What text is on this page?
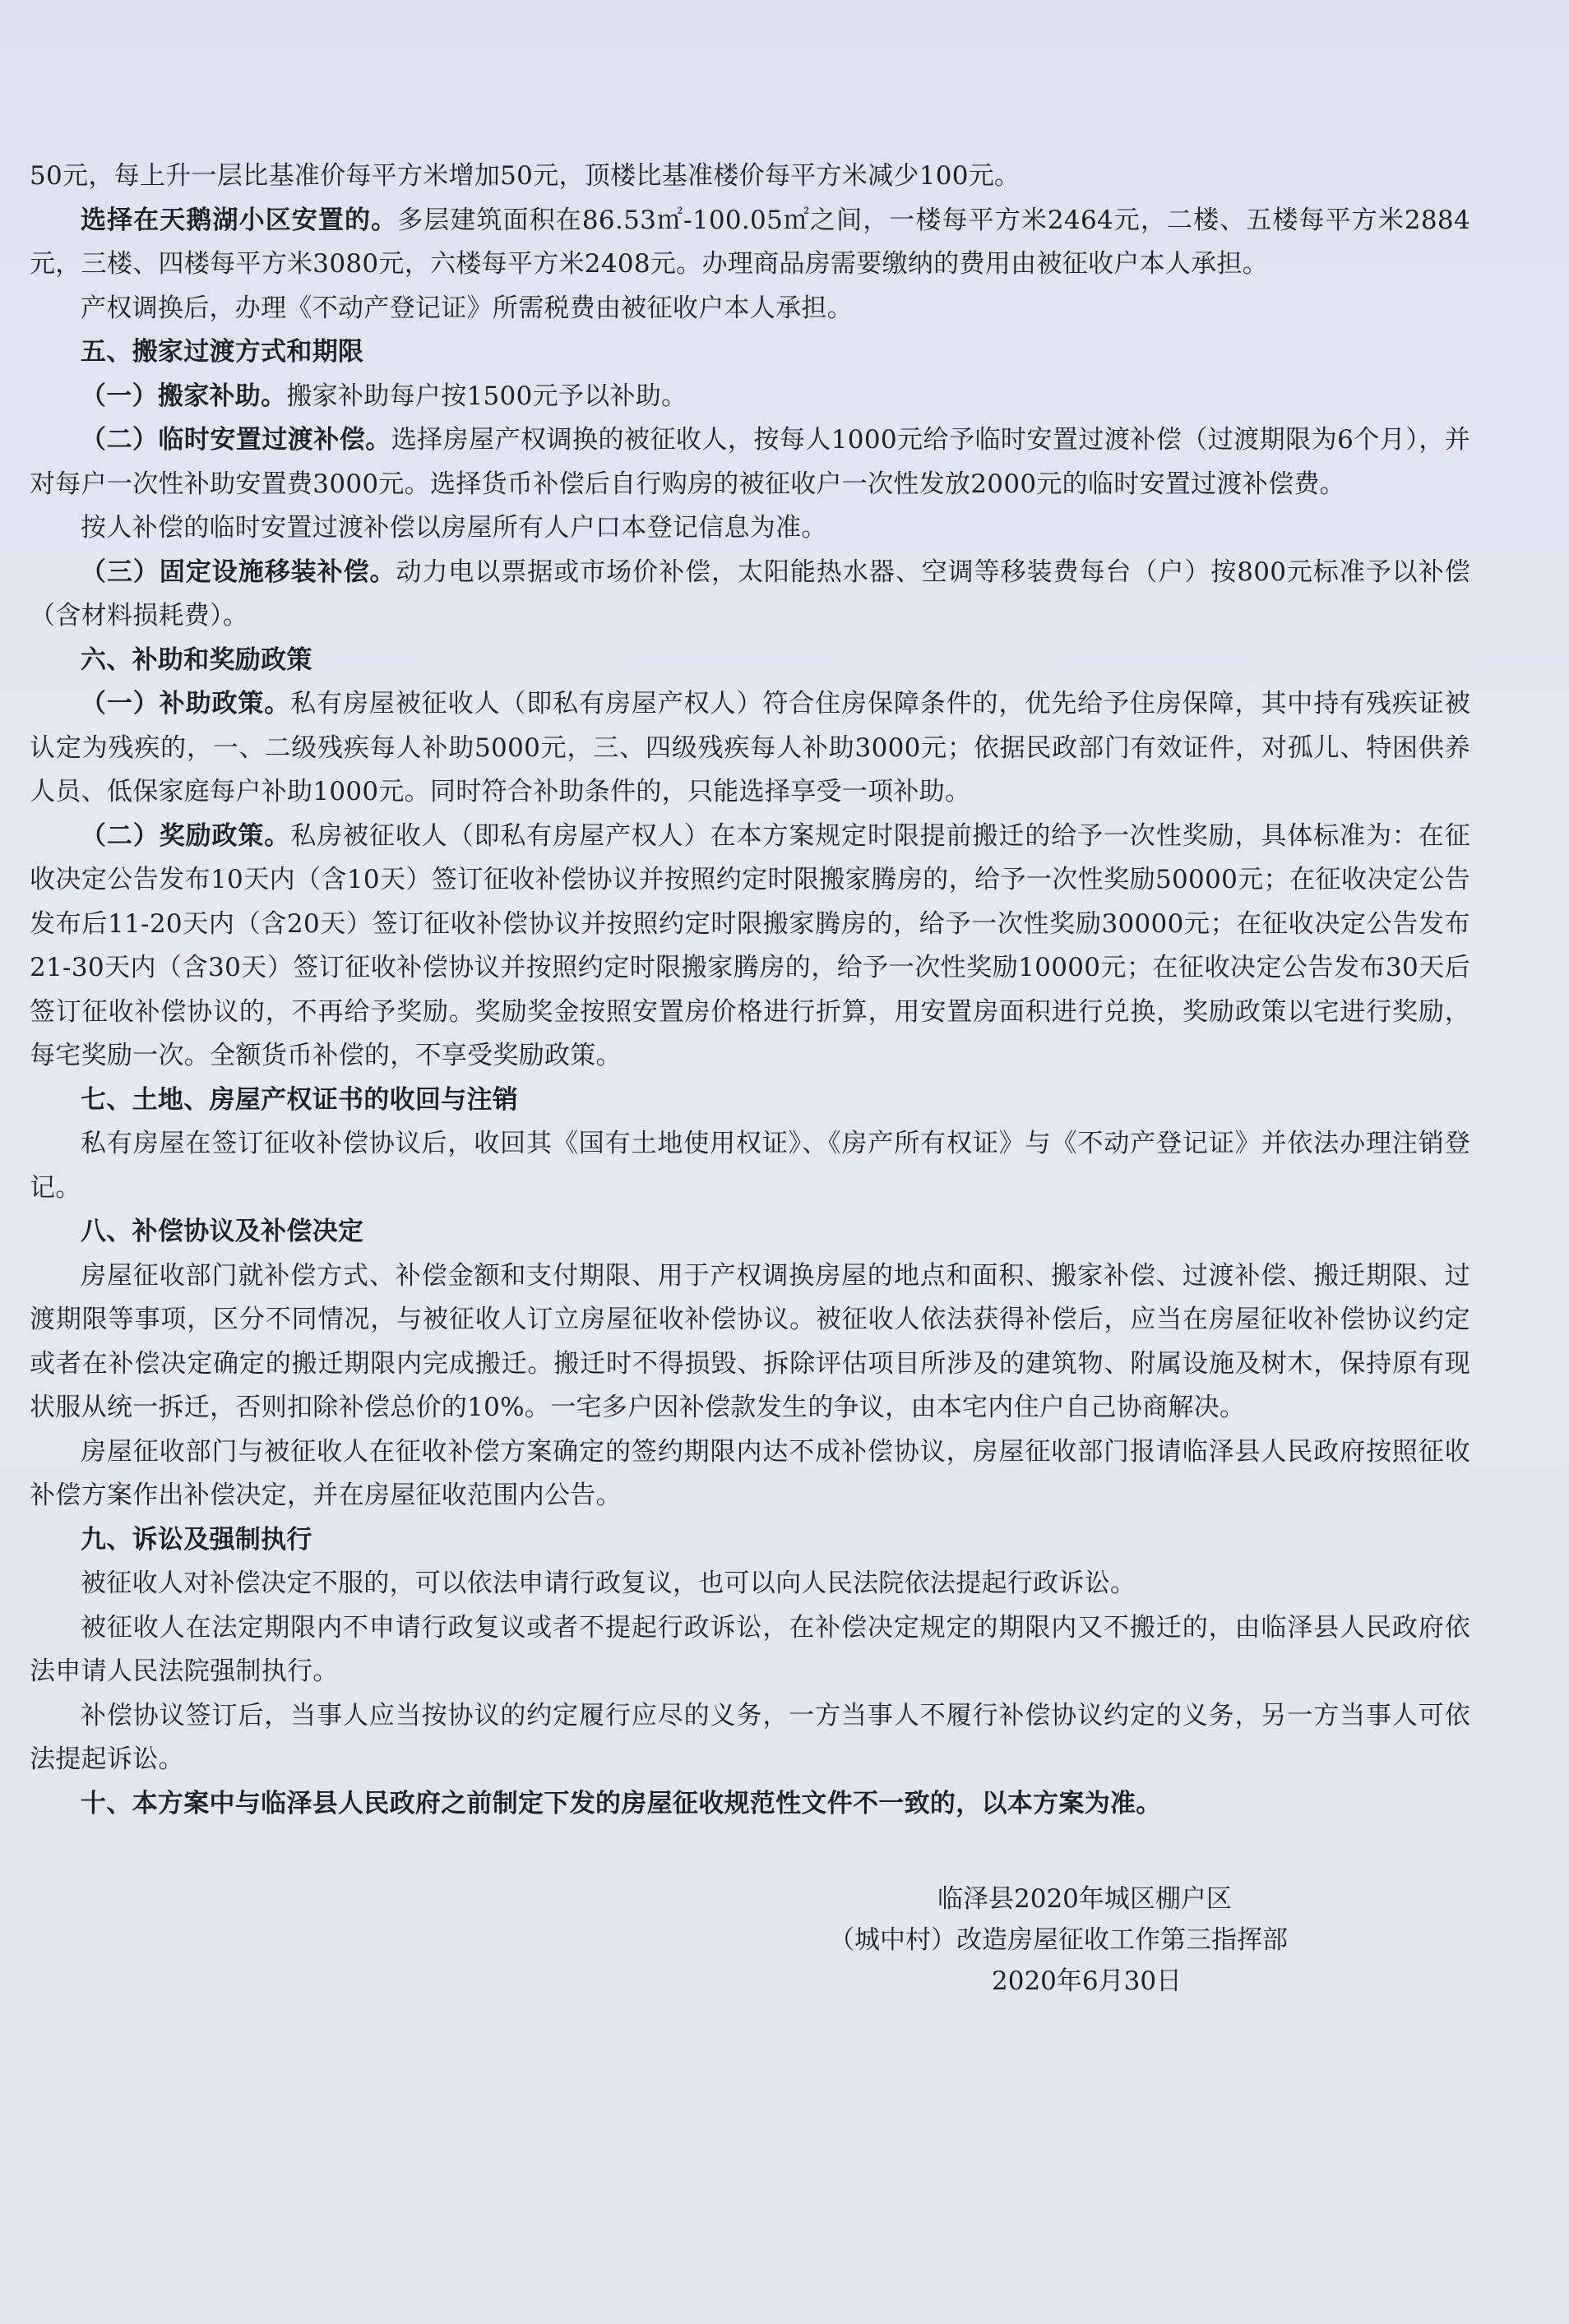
50元，每上升一层比基准价每平方米增加50元，顶楼比基准楼价每平方米减少100元。

选择在天鹅湖小区安置的。多层建筑面积在86.53㎡-100.05㎡之间，一楼每平方米2464元，二楼、五楼每平方米2884元，三楼、四楼每平方米3080元，六楼每平方米2408元。办理商品房需要缴纳的费用由被征收户本人承担。

产权调换后，办理《不动产登记证》所需税费由被征收户本人承担。

五、搬家过渡方式和期限

（一）搬家补助。搬家补助每户按1500元予以补助。

（二）临时安置过渡补偿。选择房屋产权调换的被征收人，按每人1000元给予临时安置过渡补偿（过渡期限为6个月），并对每户一次性补助安置费3000元。选择货币补偿后自行购房的被征收户一次性发放2000元的临时安置过渡补偿费。

按人补偿的临时安置过渡补偿以房屋所有人户口本登记信息为准。

（三）固定设施移装补偿。动力电以票据或市场价补偿，太阳能热水器、空调等移装费每台（户）按800元标准予以补偿（含材料损耗费）。

六、补助和奖励政策

（一）补助政策。私有房屋被征收人（即私有房屋产权人）符合住房保障条件的，优先给予住房保障，其中持有残疾证被认定为残疾的，一、二级残疾每人补助5000元，三、四级残疾每人补助3000元；依据民政部门有效证件，对孤儿、特困供养人员、低保家庭每户补助1000元。同时符合补助条件的，只能选择享受一项补助。

（二）奖励政策。私房被征收人（即私有房屋产权人）在本方案规定时限提前搬迁的给予一次性奖励，具体标准为：在征收决定公告发布10天内（含10天）签订征收补偿协议并按照约定时限搬家腾房的，给予一次性奖励50000元；在征收决定公告发布后11-20天内（含20天）签订征收补偿协议并按照约定时限搬家腾房的，给予一次性奖励30000元；在征收决定公告发布21-30天内（含30天）签订征收补偿协议并按照约定时限搬家腾房的，给予一次性奖励10000元；在征收决定公告发布30天后签订征收补偿协议的，不再给予奖励。奖励奖金按照安置房价格进行折算，用安置房面积进行兑换，奖励政策以宅进行奖励，每宅奖励一次。全额货币补偿的，不享受奖励政策。

七、土地、房屋产权证书的收回与注销

私有房屋在签订征收补偿协议后，收回其《国有土地使用权证》、《房产所有权证》与《不动产登记证》并依法办理注销登记。

八、补偿协议及补偿决定

房屋征收部门就补偿方式、补偿金额和支付期限、用于产权调换房屋的地点和面积、搬家补偿、过渡补偿、搬迁期限、过渡期限等事项，区分不同情况，与被征收人订立房屋征收补偿协议。被征收人依法获得补偿后，应当在房屋征收补偿协议约定或者在补偿决定确定的搬迁期限内完成搬迁。搬迁时不得损毁、拆除评估项目所涉及的建筑物、附属设施及树木，保持原有现状服从统一拆迁，否则扣除补偿总价的10%。一宅多户因补偿款发生的争议，由本宅内住户自己协商解决。

房屋征收部门与被征收人在征收补偿方案确定的签约期限内达不成补偿协议，房屋征收部门报请临泽县人民政府按照征收补偿方案作出补偿决定，并在房屋征收范围内公告。

九、诉讼及强制执行

被征收人对补偿决定不服的，可以依法申请行政复议，也可以向人民法院依法提起行政诉讼。

被征收人在法定期限内不申请行政复议或者不提起行政诉讼，在补偿决定规定的期限内又不搬迁的，由临泽县人民政府依法申请人民法院强制执行。

补偿协议签订后，当事人应当按协议的约定履行应尽的义务，一方当事人不履行补偿协议约定的义务，另一方当事人可依法提起诉讼。

十、本方案中与临泽县人民政府之前制定下发的房屋征收规范性文件不一致的，以本方案为准。

临泽县2020年城区棚户区
（城中村）改造房屋征收工作第三指挥部
2020年6月30日
